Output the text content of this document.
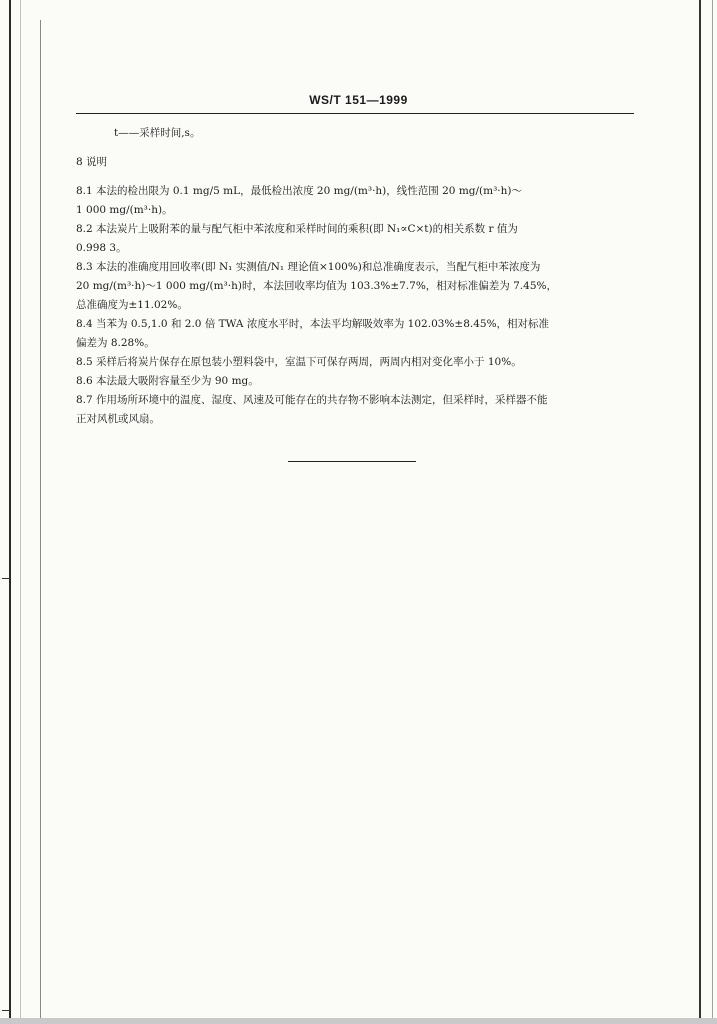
WS/T 151—1999

t——采样时间,s。

8 说明

8.1 本法的检出限为 0.1 mg/5 mL，最低检出浓度 20 mg/(m³·h)，线性范围 20 mg/(m³·h)～

1 000 mg/(m³·h)。

8.2 本法炭片上吸附苯的量与配气柜中苯浓度和采样时间的乘积(即 N₁∝C×t)的相关系数 r 值为

0.998 3。

8.3 本法的准确度用回收率(即 N₁ 实测值/N₁ 理论值×100%)和总准确度表示，当配气柜中苯浓度为

20 mg/(m³·h)～1 000 mg/(m³·h)时，本法回收率均值为 103.3%±7.7%，相对标准偏差为 7.45%，

总准确度为±11.02%。

8.4 当苯为 0.5,1.0 和 2.0 倍 TWA 浓度水平时，本法平均解吸效率为 102.03%±8.45%，相对标准

偏差为 8.28%。

8.5 采样后将炭片保存在原包装小塑料袋中，室温下可保存两周，两周内相对变化率小于 10%。

8.6 本法最大吸附容量至少为 90 mg。

8.7 作用场所环境中的温度、湿度、风速及可能存在的共存物不影响本法测定，但采样时，采样器不能

正对风机或风扇。
